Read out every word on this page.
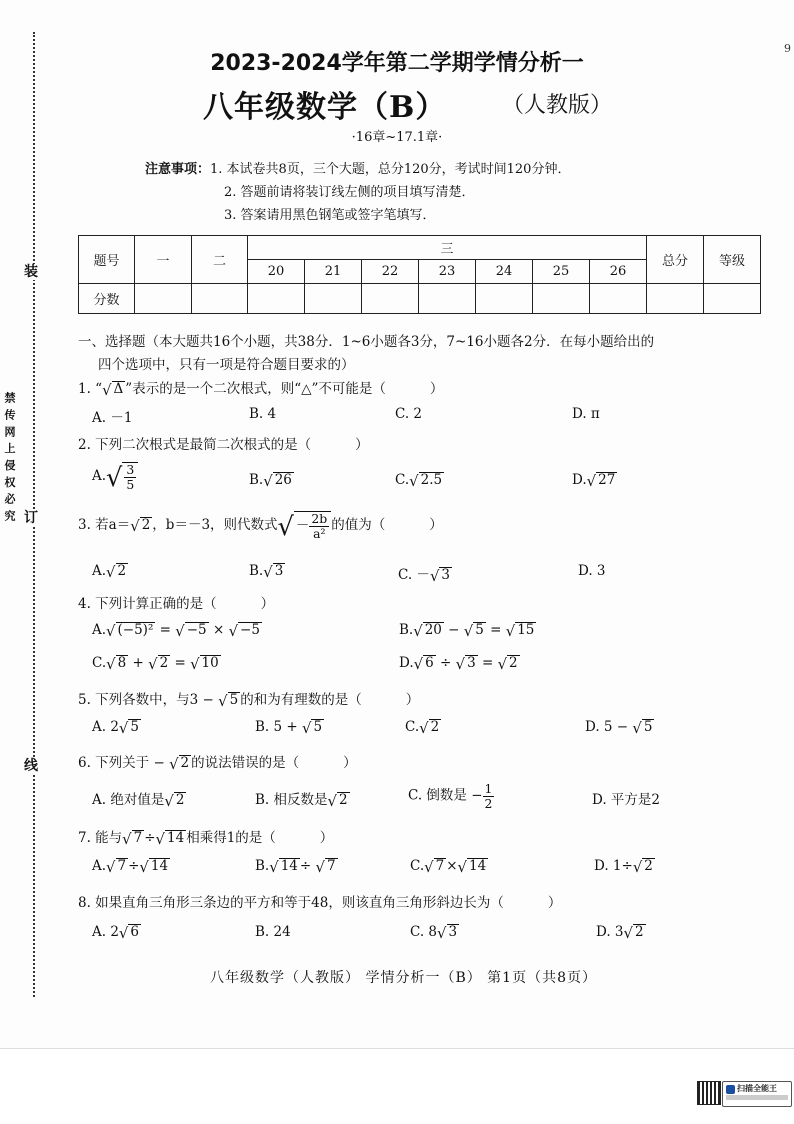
装
订
线
禁 传 网 上 侵 权 必 究
9
2023-2024学年第二学期学情分析一
八年级数学（B）	（人教版）
·16章~17.1章·
注意事项：1. 本试卷共8页，三个大题，总分120分，考试时间120分钟．
2. 答题前请将装订线左侧的项目填写清楚．
3. 答案请用黑色钢笔或签字笔填写．
题号	一	二	三							总分	等级
			20	21	22	23	24	25	26		
分数											
一、选择题（本大题共16个小题，共38分．1~6小题各3分，7~16小题各2分．在每小题给出的
四个选项中，只有一项是符合题目要求的）
1. “ √ Δ ”表示的是一个二次根式，则“△”不可能是（	）
A. －1	B. 4	C. 2	D. π
2. 下列二次根式是最简二次根式的是（	）
A. √ $\frac{3}{5}$	B. √ 26	C. √ 2.5	D. √ 27
3. 若a＝ √ 2 ，b＝－3，则代数式 √ － $\frac{2b}{\text{a²}}$ 的值为（	）
A. √ 2	B. √ 3	C. － √ 3	D. 3
4. 下列计算正确的是（	）
A. √ (−5)² = √ −5 × √ −5	B. √ 20 − √ 5 = √ 15
C. √ 8 + √ 2 = √ 10	D. √ 6 ÷ √ 3 = √ 2
5. 下列各数中，与3 − √ 5 的和为有理数的是（	）
A. 2 √ 5	B. 5 + √ 5	C. √ 2	D. 5 − √ 5
6. 下列关于 − √ 2 的说法错误的是（	）
A. 绝对值是 √ 2	B. 相反数是 √ 2	C. 倒数是 − $\frac{1}{2}$	D. 平方是2
7. 能与 √ 7 ÷ √ 14 相乘得1的是（	）
A. √ 7 ÷ √ 14	B. √ 14 ÷ √ 7	C. √ 7 × √ 14	D. 1÷ √ 2
8. 如果直角三角形三条边的平方和等于48，则该直角三角形斜边长为（	）
A. 2 √ 6	B. 24	C. 8 √ 3	D. 3 √ 2
八年级数学（人教版） 学情分析一（B） 第1页（共8页）
扫描全能王
